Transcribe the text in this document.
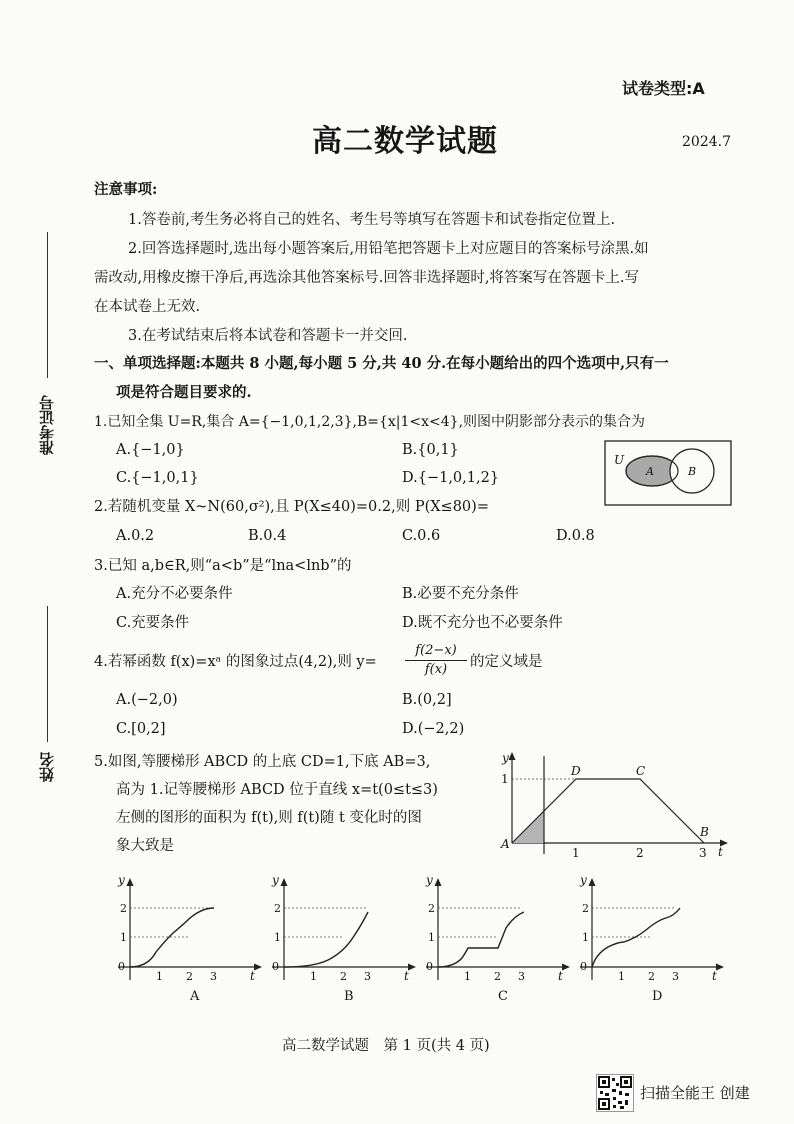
试卷类型:A
高二数学试题	2024.7
准考证号
姓名
注意事项:
1.答卷前,考生务必将自己的姓名、考生号等填写在答题卡和试卷指定位置上.
2.回答选择题时,选出每小题答案后,用铅笔把答题卡上对应题目的答案标号涂黑.如
需改动,用橡皮擦干净后,再选涂其他答案标号.回答非选择题时,将答案写在答题卡上.写
在本试卷上无效.
3.在考试结束后将本试卷和答题卡一并交回.
一、单项选择题:本题共 8 小题,每小题 5 分,共 40 分.在每小题给出的四个选项中,只有一
项是符合题目要求的.
1.已知全集 U=R,集合 A={−1,0,1,2,3},B={x|1<x<4},则图中阴影部分表示的集合为
A.{−1,0}	B.{0,1}
C.{−1,0,1}	D.{−1,0,1,2}
U
A	B
2.若随机变量 X~N(60,σ²),且 P(X≤40)=0.2,则 P(X≤80)=
A.0.2	B.0.4	C.0.6	D.0.8
3.已知 a,b∈R,则“a<b”是“lna<lnb”的
A.充分不必要条件	B.必要不充分条件
C.充要条件	D.既不充分也不必要条件
4.若幂函数 f(x)=xᵃ 的图象过点(4,2),则 $y= \frac{f(2-x)}{f(x)}$ 的定义域是
A.(−2,0)	B.(0,2]
C.[0,2]	D.(−2,2)
5.如图,等腰梯形 ABCD 的上底 CD=1,下底 AB=3,
高为 1.记等腰梯形 ABCD 位于直线 x=t(0≤t≤3)
左侧的图形的面积为 f(t),则 f(t)随 t 变化时的图
象大致是
y
t
1
1	2	3
A
B
C
D
y
t
0
1 2 3
1
2
A
y
t
0
1 2 3
1
2
B
y
t
0
1 2 3
1
2
C
y
t
0
1 2 3
1
2
D
高二数学试题　第 1 页(共 4 页)
扫描全能王 创建
